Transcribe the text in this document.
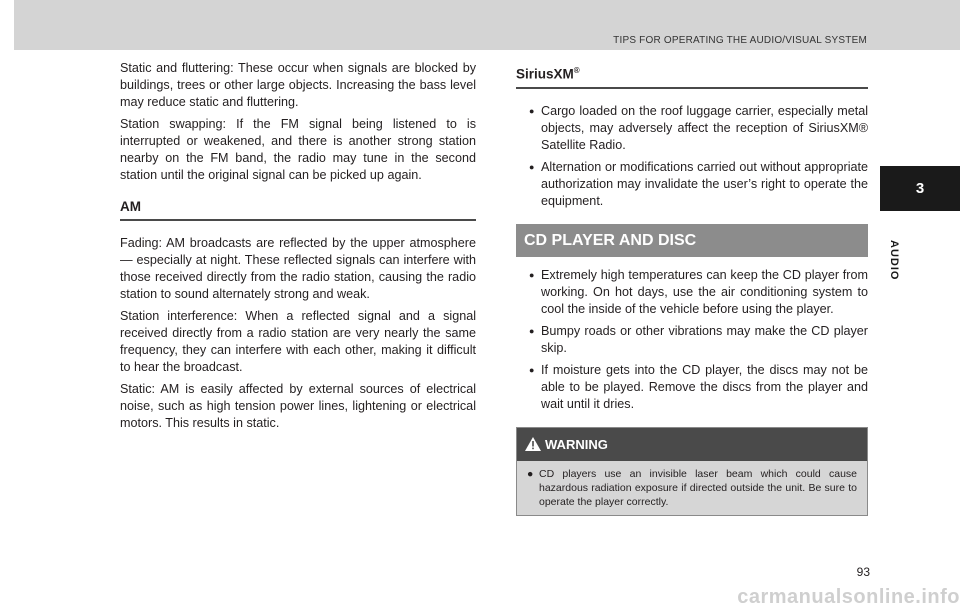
TIPS FOR OPERATING THE AUDIO/VISUAL SYSTEM
3
AUDIO

Static and fluttering: These occur when signals are blocked by buildings, trees or other large objects. Increasing the bass level may reduce static and fluttering.

Station swapping: If the FM signal being listened to is interrupted or weakened, and there is another strong station nearby on the FM band, the radio may tune in the second station until the original signal can be picked up again.

AM

Fading: AM broadcasts are reflected by the upper atmosphere — especially at night. These reflected signals can interfere with those received directly from the radio station, causing the radio station to sound alternately strong and weak.

Station interference: When a reflected signal and a signal received directly from a radio station are very nearly the same frequency, they can interfere with each other, making it difficult to hear the broadcast.

Static: AM is easily affected by external sources of electrical noise, such as high tension power lines, lightening or electrical motors. This results in static.

SiriusXM®
● Cargo loaded on the roof luggage carrier, especially metal objects, may adversely affect the reception of SiriusXM® Satellite Radio.
● Alternation or modifications carried out without appropriate authorization may invalidate the user’s right to operate the equipment.
CD PLAYER AND DISC
● Extremely high temperatures can keep the CD player from working. On hot days, use the air conditioning system to cool the inside of the vehicle before using the player.
● Bumpy roads or other vibrations may make the CD player skip.
● If moisture gets into the CD player, the discs may not be able to be played. Remove the discs from the player and wait until it dries.
WARNING
● CD players use an invisible laser beam which could cause hazardous radiation exposure if directed outside the unit. Be sure to operate the player correctly.
93
carmanualsonline.info
